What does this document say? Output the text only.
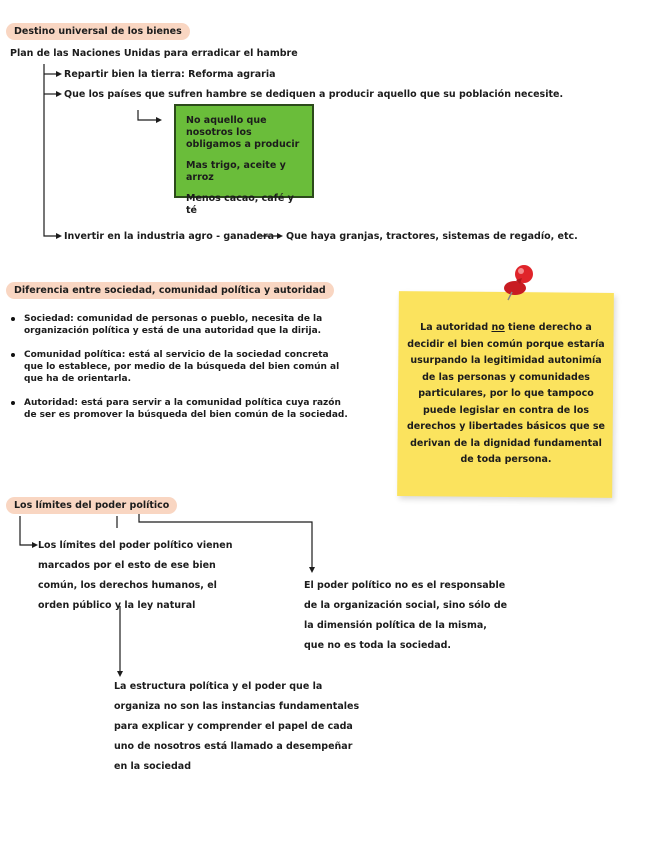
Destino universal de los bienes
Plan de las Naciones Unidas para erradicar el hambre
Repartir bien la tierra: Reforma agraria
Que los países que sufren hambre se dediquen a producir aquello que su población necesite.
No aquello que nosotros los obligamos a producir
Mas trigo, aceite y arroz
Menos cacao, café y té
Invertir en la industria agro - ganadera Que haya granjas, tractores, sistemas de regadío, etc.
Diferencia entre sociedad, comunidad política y autoridad
Sociedad: comunidad de personas o pueblo, necesita de la organización política y está de una autoridad que la dirija.
Comunidad política: está al servicio de la sociedad concreta que lo establece, por medio de la búsqueda del bien común al que ha de orientarla.
Autoridad: está para servir a la comunidad política cuya razón de ser es promover la búsqueda del bien común de la sociedad.
La autoridad no tiene derecho a decidir el bien común porque estaría usurpando la legitimidad autonimía de las personas y comunidades particulares, por lo que tampoco puede legislar en contra de los derechos y libertades básicos que se derivan de la dignidad fundamental de toda persona.
Los límites del poder político
Los límites del poder político vienen marcados por el esto de ese bien común, los derechos humanos, el orden público y la ley natural
El poder político no es el responsable de la organización social, sino sólo de la dimensión política de la misma, que no es toda la sociedad.
La estructura política y el poder que la organiza no son las instancias fundamentales para explicar y comprender el papel de cada uno de nosotros está llamado a desempeñar en la sociedad
